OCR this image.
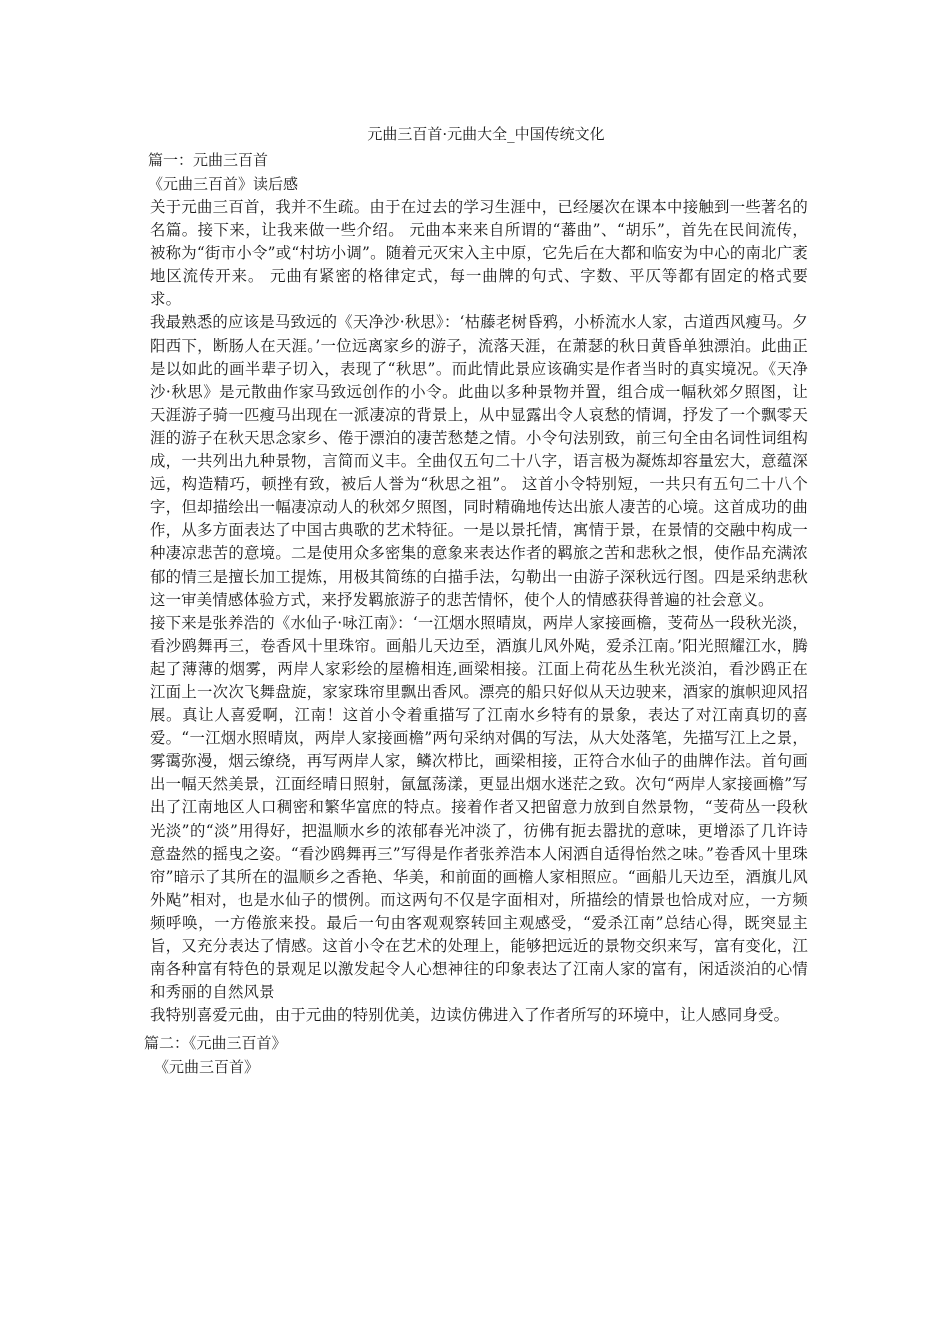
元曲三百首·元曲大全_中国传统文化
篇一：元曲三百首
《元曲三百首》读后感

关于元曲三百首，我并不生疏。由于在过去的学习生涯中，已经屡次在课本中接触到一些著名的名篇。接下来，让我来做一些介绍。 元曲本来来自所谓的“蕃曲”、“胡乐”，首先在民间流传，被称为“街市小令”或“村坊小调”。随着元灭宋入主中原，它先后在大都和临安为中心的南北广袤地区流传开来。 元曲有紧密的格律定式，每一曲牌的句式、字数、平仄等都有固定的格式要求。

我最熟悉的应该是马致远的《天净沙·秋思》：‘枯藤老树昏鸦，小桥流水人家，古道西风瘦马。夕阳西下，断肠人在天涯。’一位远离家乡的游子，流落天涯，在萧瑟的秋日黄昏单独漂泊。此曲正是以如此的画半辈子切入，表现了“秋思”。而此情此景应该确实是作者当时的真实境况。《天净沙·秋思》是元散曲作家马致远创作的小令。此曲以多种景物并置，组合成一幅秋郊夕照图，让天涯游子骑一匹瘦马出现在一派凄凉的背景上，从中显露出令人哀愁的情调，抒发了一个飘零天涯的游子在秋天思念家乡、倦于漂泊的凄苦愁楚之情。小令句法别致，前三句全由名词性词组构成，一共列出九种景物，言简而义丰。全曲仅五句二十八字，语言极为凝炼却容量宏大，意蕴深远，构造精巧，顿挫有致，被后人誉为“秋思之祖”。 这首小令特别短，一共只有五句二十八个字，但却描绘出一幅凄凉动人的秋郊夕照图，同时精确地传达出旅人凄苦的心境。这首成功的曲作，从多方面表达了中国古典歌的艺术特征。一是以景托情，寓情于景，在景情的交融中构成一种凄凉悲苦的意境。二是使用众多密集的意象来表达作者的羁旅之苦和悲秋之恨，使作品充满浓郁的情三是擅长加工提炼，用极其简练的白描手法，勾勒出一由游子深秋远行图。四是采纳悲秋这一审美情感体验方式，来抒发羁旅游子的悲苦情怀，使个人的情感获得普遍的社会意义。

接下来是张养浩的《水仙子·咏江南》：‘一江烟水照晴岚，两岸人家接画檐，芰荷丛一段秋光淡，看沙鸥舞再三，卷香风十里珠帘。画船儿天边至，酒旗儿风外飐，爱杀江南。’阳光照耀江水，腾起了薄薄的烟雾，两岸人家彩绘的屋檐相连,画梁相接。江面上荷花丛生秋光淡泊，看沙鸥正在江面上一次次飞舞盘旋，家家珠帘里飘出香风。漂亮的船只好似从天边驶来，酒家的旗帜迎风招展。真让人喜爱啊，江南！这首小令着重描写了江南水乡特有的景象，表达了对江南真切的喜爱。“一江烟水照晴岚，两岸人家接画檐”两句采纳对偶的写法，从大处落笔，先描写江上之景，雾霭弥漫，烟云缭绕，再写两岸人家，鳞次栉比，画梁相接，正符合水仙子的曲牌作法。首句画出一幅天然美景，江面经晴日照射，氤氲荡漾，更显出烟水迷茫之致。次句“两岸人家接画檐”写出了江南地区人口稠密和繁华富庶的特点。接着作者又把留意力放到自然景物，“芰荷丛一段秋光淡”的“淡”用得好，把温顺水乡的浓郁春光冲淡了，彷佛有扼去嚣扰的意味，更增添了几许诗意盎然的摇曳之姿。“看沙鸥舞再三”写得是作者张养浩本人闲洒自适得怡然之味。”卷香风十里珠帘”暗示了其所在的温顺乡之香艳、华美，和前面的画檐人家相照应。“画船儿天边至，酒旗儿风外飐”相对，也是水仙子的惯例。而这两句不仅是字面相对，所描绘的情景也恰成对应，一方频频呼唤，一方倦旅来投。最后一句由客观观察转回主观感受，“爱杀江南”总结心得，既突显主旨，又充分表达了情感。这首小令在艺术的处理上，能够把远近的景物交织来写，富有变化，江南各种富有特色的景观足以激发起令人心想神往的印象表达了江南人家的富有，闲适淡泊的心情和秀丽的自然风景

我特别喜爱元曲，由于元曲的特别优美，边读仿佛进入了作者所写的环境中，让人感同身受。

篇二：《元曲三百首》
《元曲三百首》
